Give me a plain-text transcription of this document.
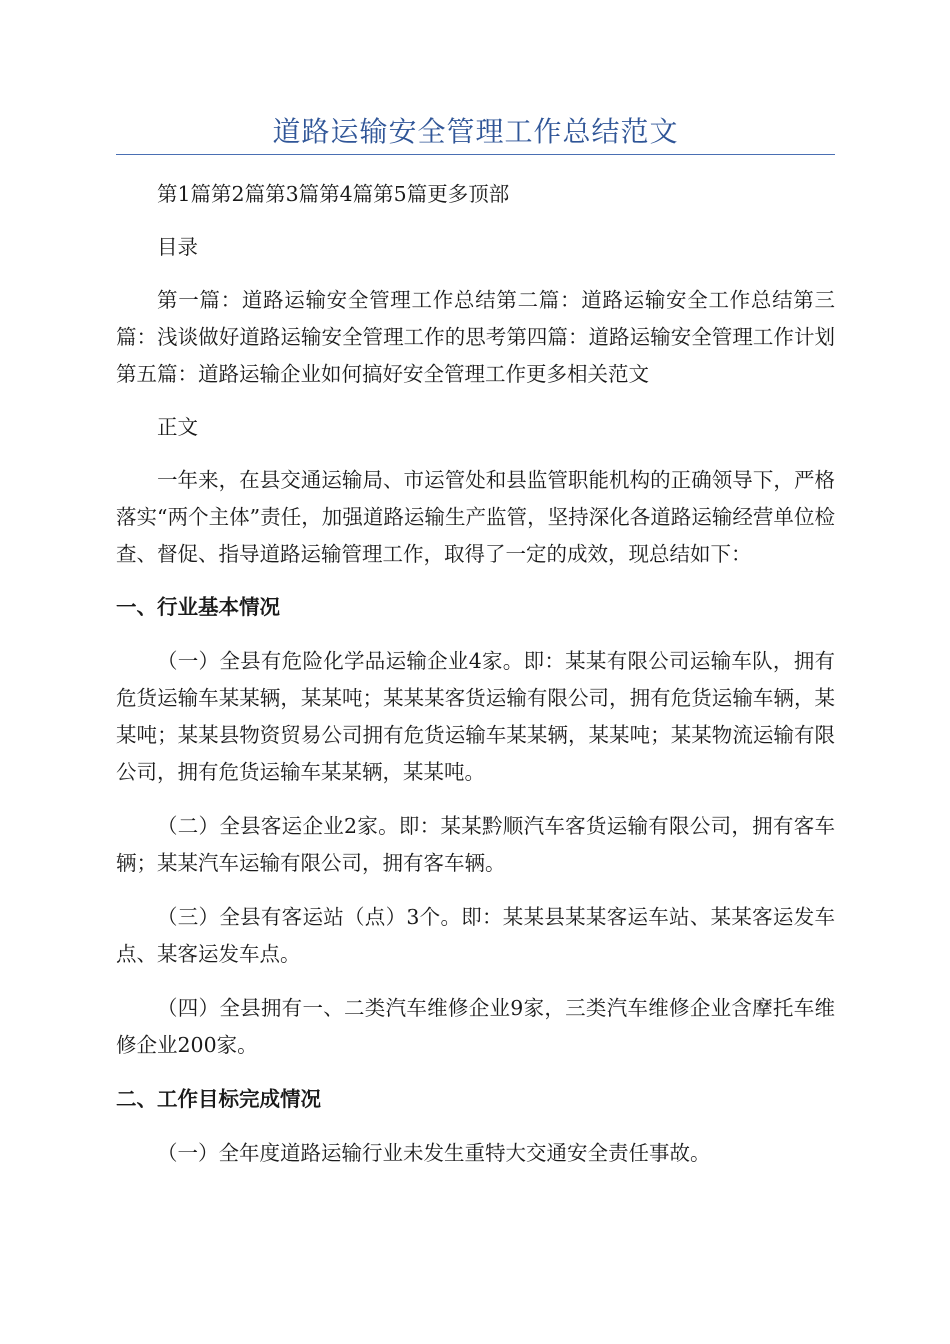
道路运输安全管理工作总结范文

第1篇第2篇第3篇第4篇第5篇更多顶部

目录

第一篇：道路运输安全管理工作总结第二篇：道路运输安全工作总结第三篇：浅谈做好道路运输安全管理工作的思考第四篇：道路运输安全管理工作计划第五篇：道路运输企业如何搞好安全管理工作更多相关范文

正文

一年来，在县交通运输局、市运管处和县监管职能机构的正确领导下，严格落实“两个主体”责任，加强道路运输生产监管，坚持深化各道路运输经营单位检查、督促、指导道路运输管理工作，取得了一定的成效，现总结如下：

一、行业基本情况

（一）全县有危险化学品运输企业4家。即：某某有限公司运输车队，拥有危货运输车某某辆，某某吨；某某某客货运输有限公司，拥有危货运输车辆，某某吨；某某县物资贸易公司拥有危货运输车某某辆，某某吨；某某物流运输有限公司，拥有危货运输车某某辆，某某吨。

（二）全县客运企业2家。即：某某黔顺汽车客货运输有限公司，拥有客车辆；某某汽车运输有限公司，拥有客车辆。

（三）全县有客运站（点）3个。即：某某县某某客运车站、某某客运发车点、某客运发车点。

（四）全县拥有一、二类汽车维修企业9家，三类汽车维修企业含摩托车维修企业200家。

二、工作目标完成情况

（一）全年度道路运输行业未发生重特大交通安全责任事故。
